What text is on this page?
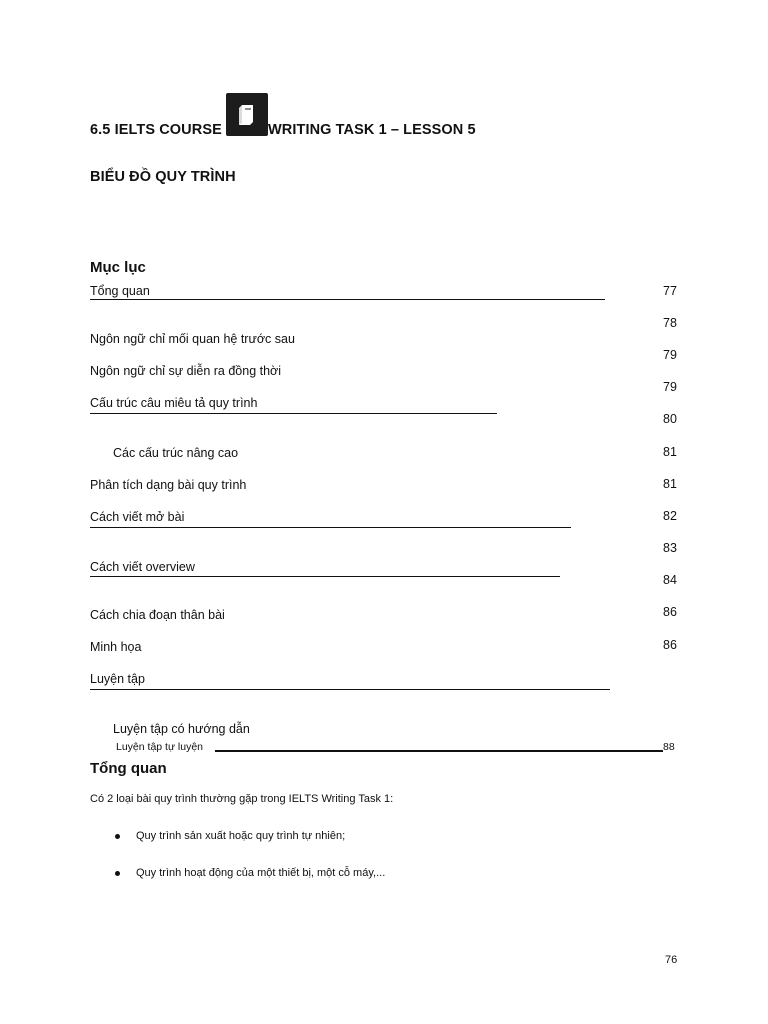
6.5 IELTS COURSE	WRITING TASK 1 – LESSON 5
BIỂU ĐỒ QUY TRÌNH
Mục lục
Tổng quan
Ngôn ngữ chỉ mối quan hệ trước sau
Ngôn ngữ chỉ sự diễn ra đồng thời
Cấu trúc câu miêu tả quy trình
Các cấu trúc nâng cao
Phân tích dạng bài quy trình
Cách viết mở bài
Cách viết overview
Cách chia đoạn thân bài
Minh họa
Luyện tập
Luyện tập có hướng dẫn
Luyện tập tự luyện
77
78
79
79
80
81
81
82
83
84
86
86
88
Tổng quan
Có 2 loại bài quy trình thường gặp trong IELTS Writing Task 1:
Quy trình sản xuất hoặc quy trình tự nhiên;
Quy trình hoạt động của một thiết bị, một cỗ máy,...
76
